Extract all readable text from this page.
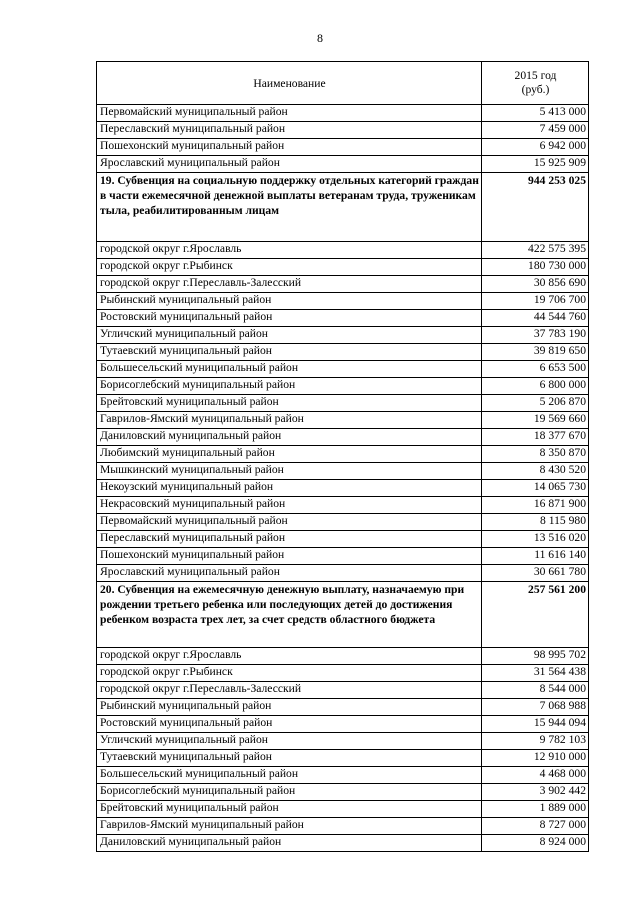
8
Наименование	2015 год
(руб.)
Первомайский муниципальный район	5 413 000
Переславский муниципальный район	7 459 000
Пошехонский муниципальный район	6 942 000
Ярославский муниципальный район	15 925 909
19. Субвенция на социальную поддержку отдельных категорий граждан в части ежемесячной денежной выплаты ветеранам труда, труженикам тыла, реабилитированным лицам	944 253 025
городской округ г.Ярославль	422 575 395
городской округ г.Рыбинск	180 730 000
городской округ г.Переславль-Залесский	30 856 690
Рыбинский муниципальный район	19 706 700
Ростовский муниципальный район	44 544 760
Угличский муниципальный район	37 783 190
Тутаевский муниципальный район	39 819 650
Большесельский муниципальный район	6 653 500
Борисоглебский муниципальный район	6 800 000
Брейтовский муниципальный район	5 206 870
Гаврилов-Ямский муниципальный район	19 569 660
Даниловский муниципальный район	18 377 670
Любимский муниципальный район	8 350 870
Мышкинский муниципальный район	8 430 520
Некоузский муниципальный район	14 065 730
Некрасовский муниципальный район	16 871 900
Первомайский муниципальный район	8 115 980
Переславский муниципальный район	13 516 020
Пошехонский муниципальный район	11 616 140
Ярославский муниципальный район	30 661 780
20. Субвенция на ежемесячную денежную выплату, назначаемую при рождении третьего ребенка или последующих детей до достижения ребенком возраста трех лет, за счет средств областного бюджета	257 561 200
городской округ г.Ярославль	98 995 702
городской округ г.Рыбинск	31 564 438
городской округ г.Переславль-Залесский	8 544 000
Рыбинский муниципальный район	7 068 988
Ростовский муниципальный район	15 944 094
Угличский муниципальный район	9 782 103
Тутаевский муниципальный район	12 910 000
Большесельский муниципальный район	4 468 000
Борисоглебский муниципальный район	3 902 442
Брейтовский муниципальный район	1 889 000
Гаврилов-Ямский муниципальный район	8 727 000
Даниловский муниципальный район	8 924 000
